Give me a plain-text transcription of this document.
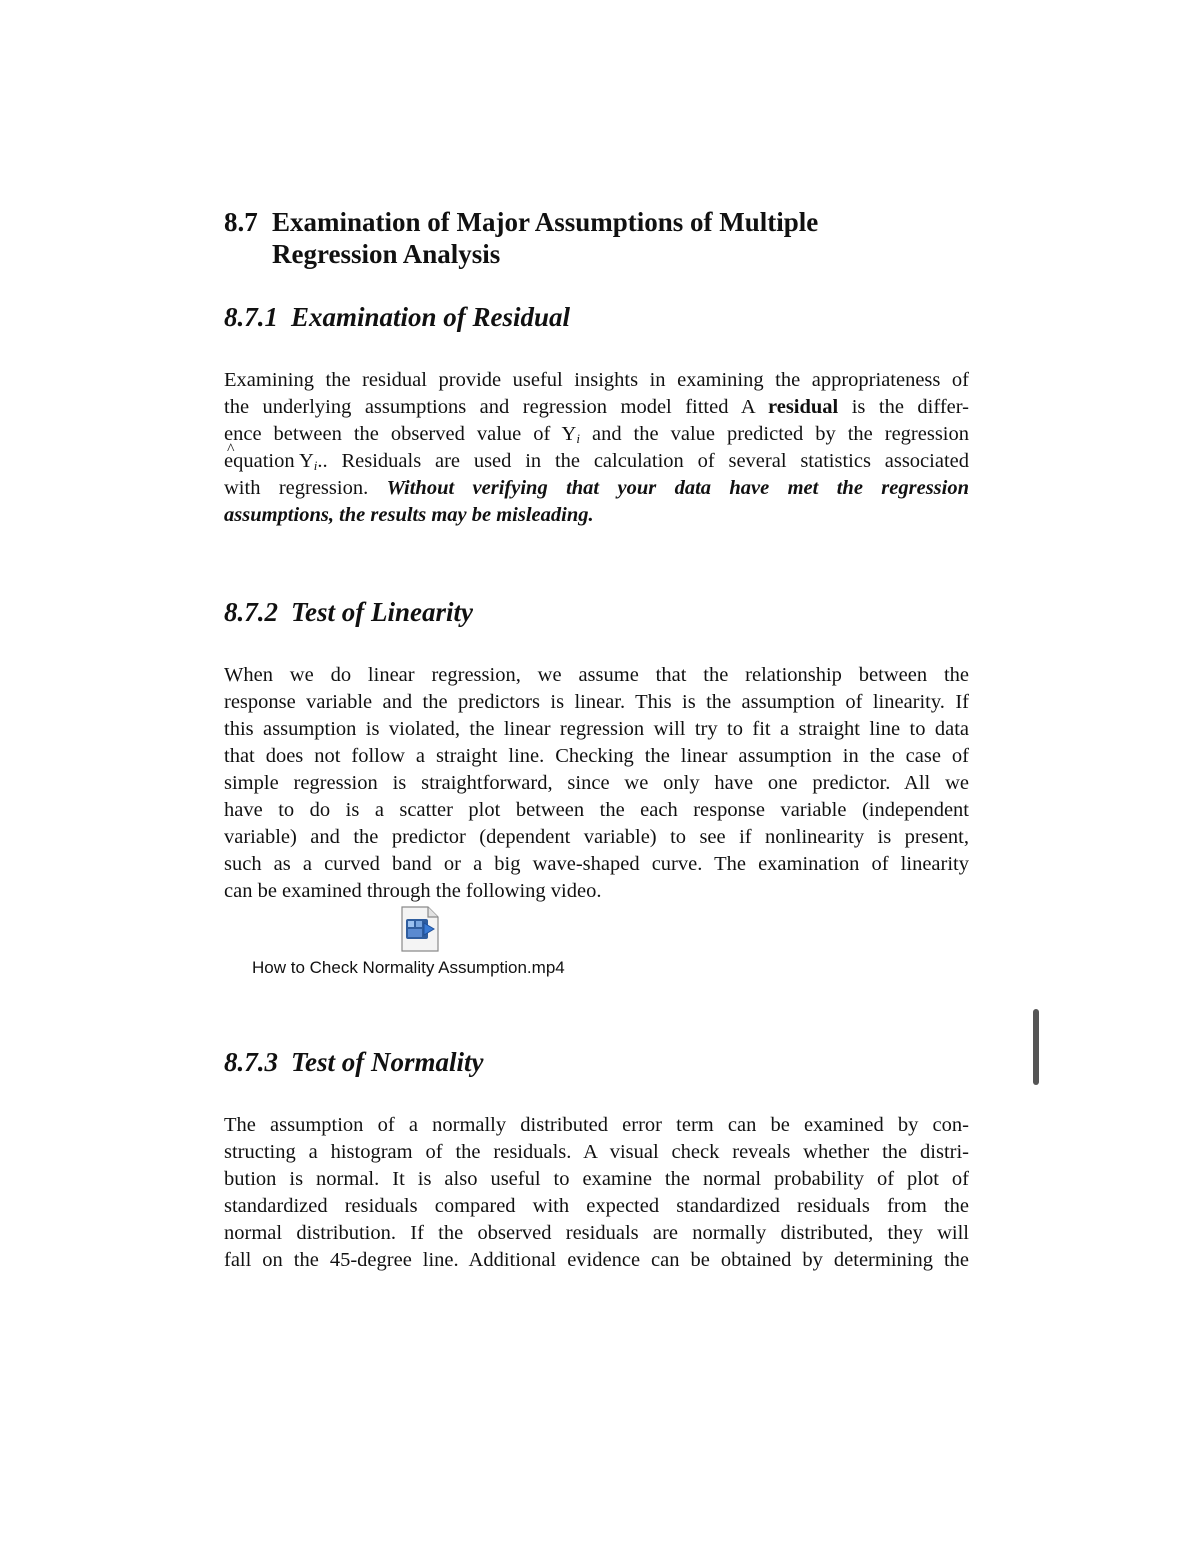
8.7 Examination of Major Assumptions of Multiple Regression Analysis
8.7.1 Examination of Residual
Examining the residual provide useful insights in examining the appropriateness of
the underlying assumptions and regression model fitted A residual is the differ-
ence between the observed value of $Y_i$ and the value predicted by the regression
^ equation $Y_i$.. Residuals are used in the calculation of several statistics associated
with regression. Without verifying that your data have met the regression
assumptions, the results may be misleading.
8.7.2 Test of Linearity
When we do linear regression, we assume that the relationship between the
response variable and the predictors is linear. This is the assumption of linearity. If
this assumption is violated, the linear regression will try to fit a straight line to data
that does not follow a straight line. Checking the linear assumption in the case of
simple regression is straightforward, since we only have one predictor. All we
have to do is a scatter plot between the each response variable (independent
variable) and the predictor (dependent variable) to see if nonlinearity is present,
such as a curved band or a big wave-shaped curve. The examination of linearity
can be examined through the following video.
8.7.3 Test of Normality
The assumption of a normally distributed error term can be examined by con-
structing a histogram of the residuals. A visual check reveals whether the distri-
bution is normal. It is also useful to examine the normal probability of plot of
standardized residuals compared with expected standardized residuals from the
normal distribution. If the observed residuals are normally distributed, they will
fall on the 45-degree line. Additional evidence can be obtained by determining the
How to Check Normality Assumption.mp4
